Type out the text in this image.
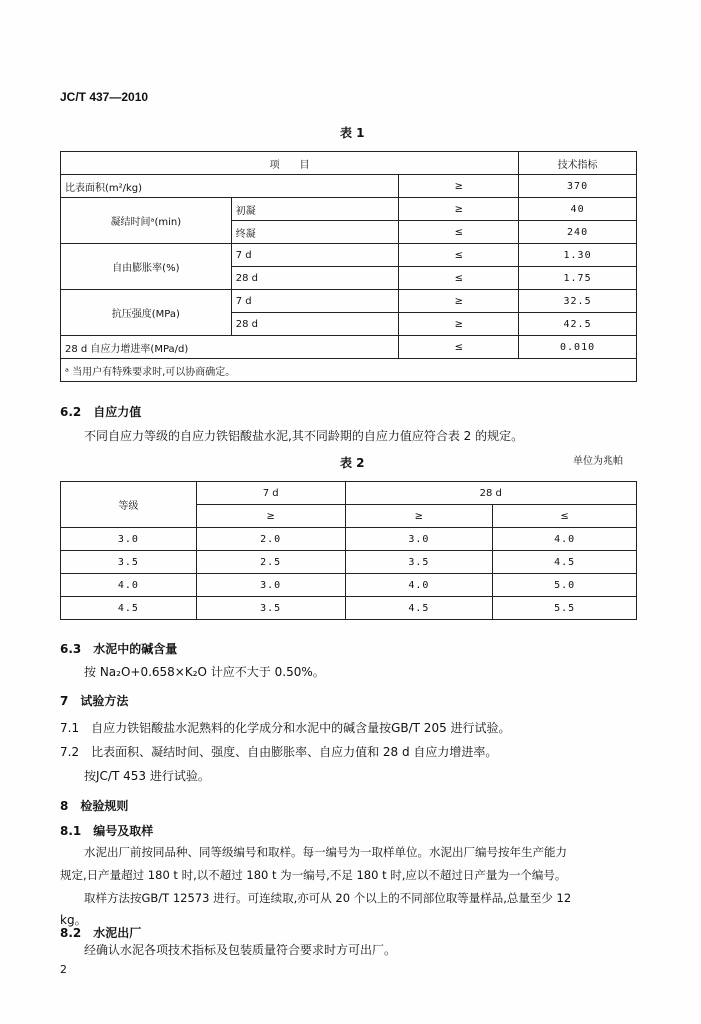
JC/T 437—2010
表 1
项　　目			技术指标
比表面积(m²/kg)		≥	370
凝结时间ᵃ(min)	初凝	≥	40
	终凝	≤	240
自由膨胀率(%)	7 d	≤	1.30
	28 d	≤	1.75
抗压强度(MPa)	7 d	≥	32.5
	28 d	≥	42.5
28 d 自应力增进率(MPa/d)		≤	0.010
ᵃ 当用户有特殊要求时,可以协商确定。			
6.2　自应力值
不同自应力等级的自应力铁铝酸盐水泥,其不同龄期的自应力值应符合表 2 的规定。
表 2	单位为兆帕
等级	7 d	28 d	
	≥	≥	≤
3.0	2.0	3.0	4.0
3.5	2.5	3.5	4.5
4.0	3.0	4.0	5.0
4.5	3.5	4.5	5.5
6.3　水泥中的碱含量
按 Na₂O+0.658×K₂O 计应不大于 0.50%。
7　试验方法
7.1　自应力铁铝酸盐水泥熟料的化学成分和水泥中的碱含量按GB/T 205 进行试验。
7.2　比表面积、凝结时间、强度、自由膨胀率、自应力值和 28 d 自应力增进率。
按JC/T 453 进行试验。
8　检验规则
8.1　编号及取样
水泥出厂前按同品种、同等级编号和取样。每一编号为一取样单位。水泥出厂编号按年生产能力
规定,日产量超过 180 t 时,以不超过 180 t 为一编号,不足 180 t 时,应以不超过日产量为一个编号。
取样方法按GB/T 12573 进行。可连续取,亦可从 20 个以上的不同部位取等量样品,总量至少 12
kg。
8.2　水泥出厂
经确认水泥各项技术指标及包装质量符合要求时方可出厂。
2
